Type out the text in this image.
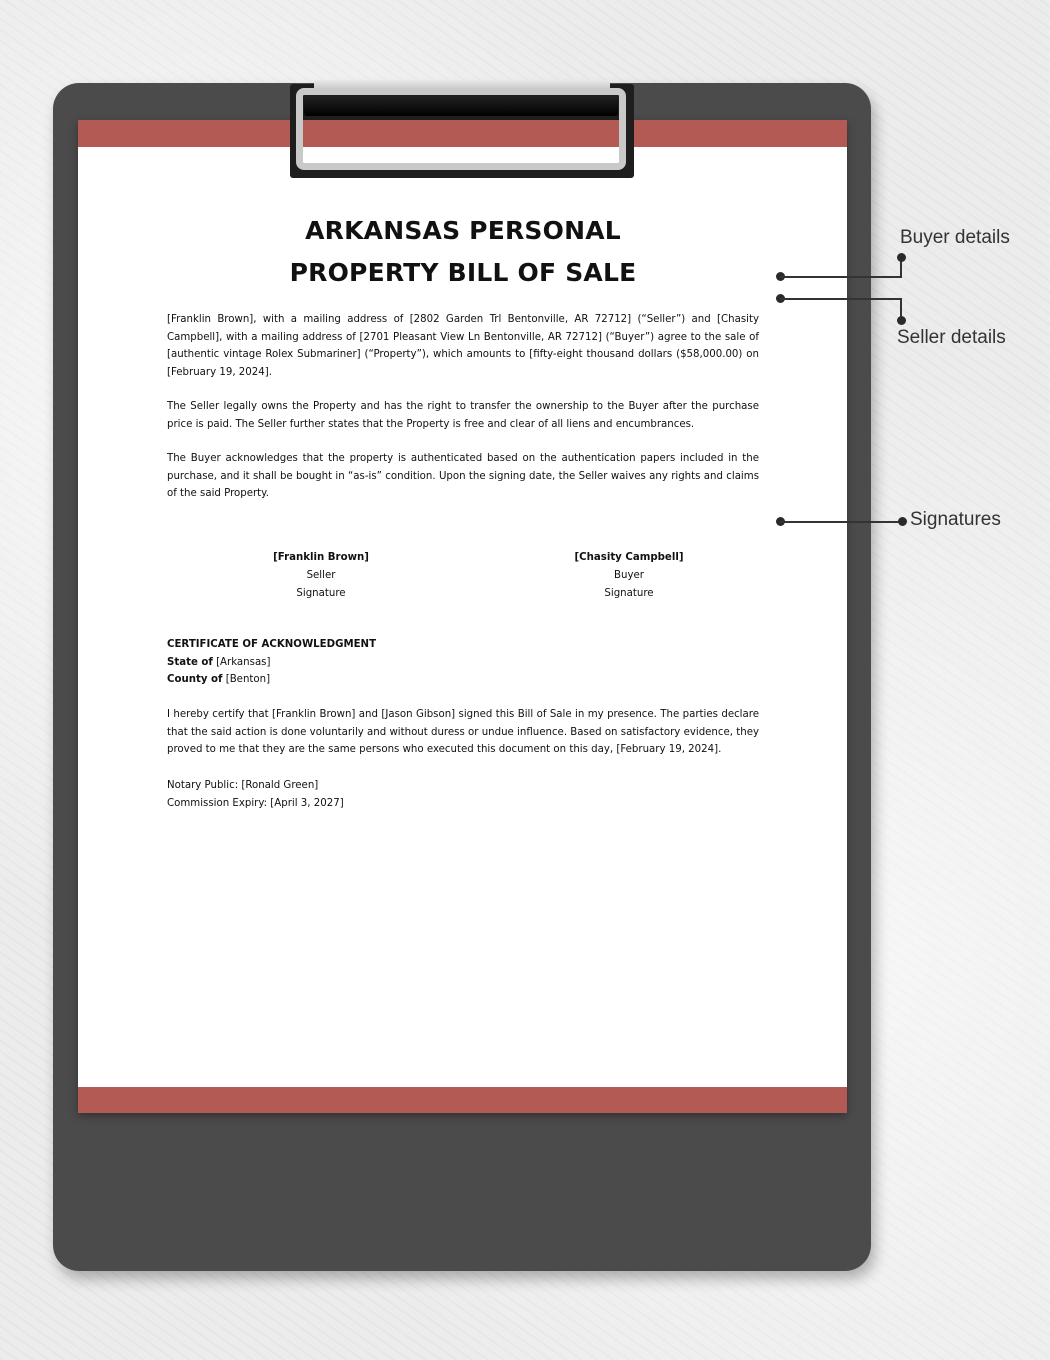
ARKANSAS PERSONAL

PROPERTY BILL OF SALE

[Franklin Brown], with a mailing address of [2802 Garden Trl Bentonville, AR 72712] (“Seller”) and [Chasity Campbell], with a mailing address of [2701 Pleasant View Ln Bentonville, AR 72712] (“Buyer”) agree to the sale of [authentic vintage Rolex Submariner] (“Property”), which amounts to [fifty-eight thousand dollars ($58,000.00) on [February 19, 2024].

The Seller legally owns the Property and has the right to transfer the ownership to the Buyer after the purchase price is paid. The Seller further states that the Property is free and clear of all liens and encumbrances.

The Buyer acknowledges that the property is authenticated based on the authentication papers included in the purchase, and it shall be bought in “as-is” condition. Upon the signing date, the Seller waives any rights and claims of the said Property.

[Franklin Brown]
Seller
Signature
[Chasity Campbell]
Buyer
Signature
CERTIFICATE OF ACKNOWLEDGMENT
State of [Arkansas]
County of [Benton]

I hereby certify that [Franklin Brown] and [Jason Gibson] signed this Bill of Sale in my presence. The parties declare that the said action is done voluntarily and without duress or undue influence. Based on satisfactory evidence, they proved to me that they are the same persons who executed this document on this day, [February 19, 2024].

Notary Public: [Ronald Green]
Commission Expiry: [April 3, 2027]
Buyer details
Seller details
Signatures
